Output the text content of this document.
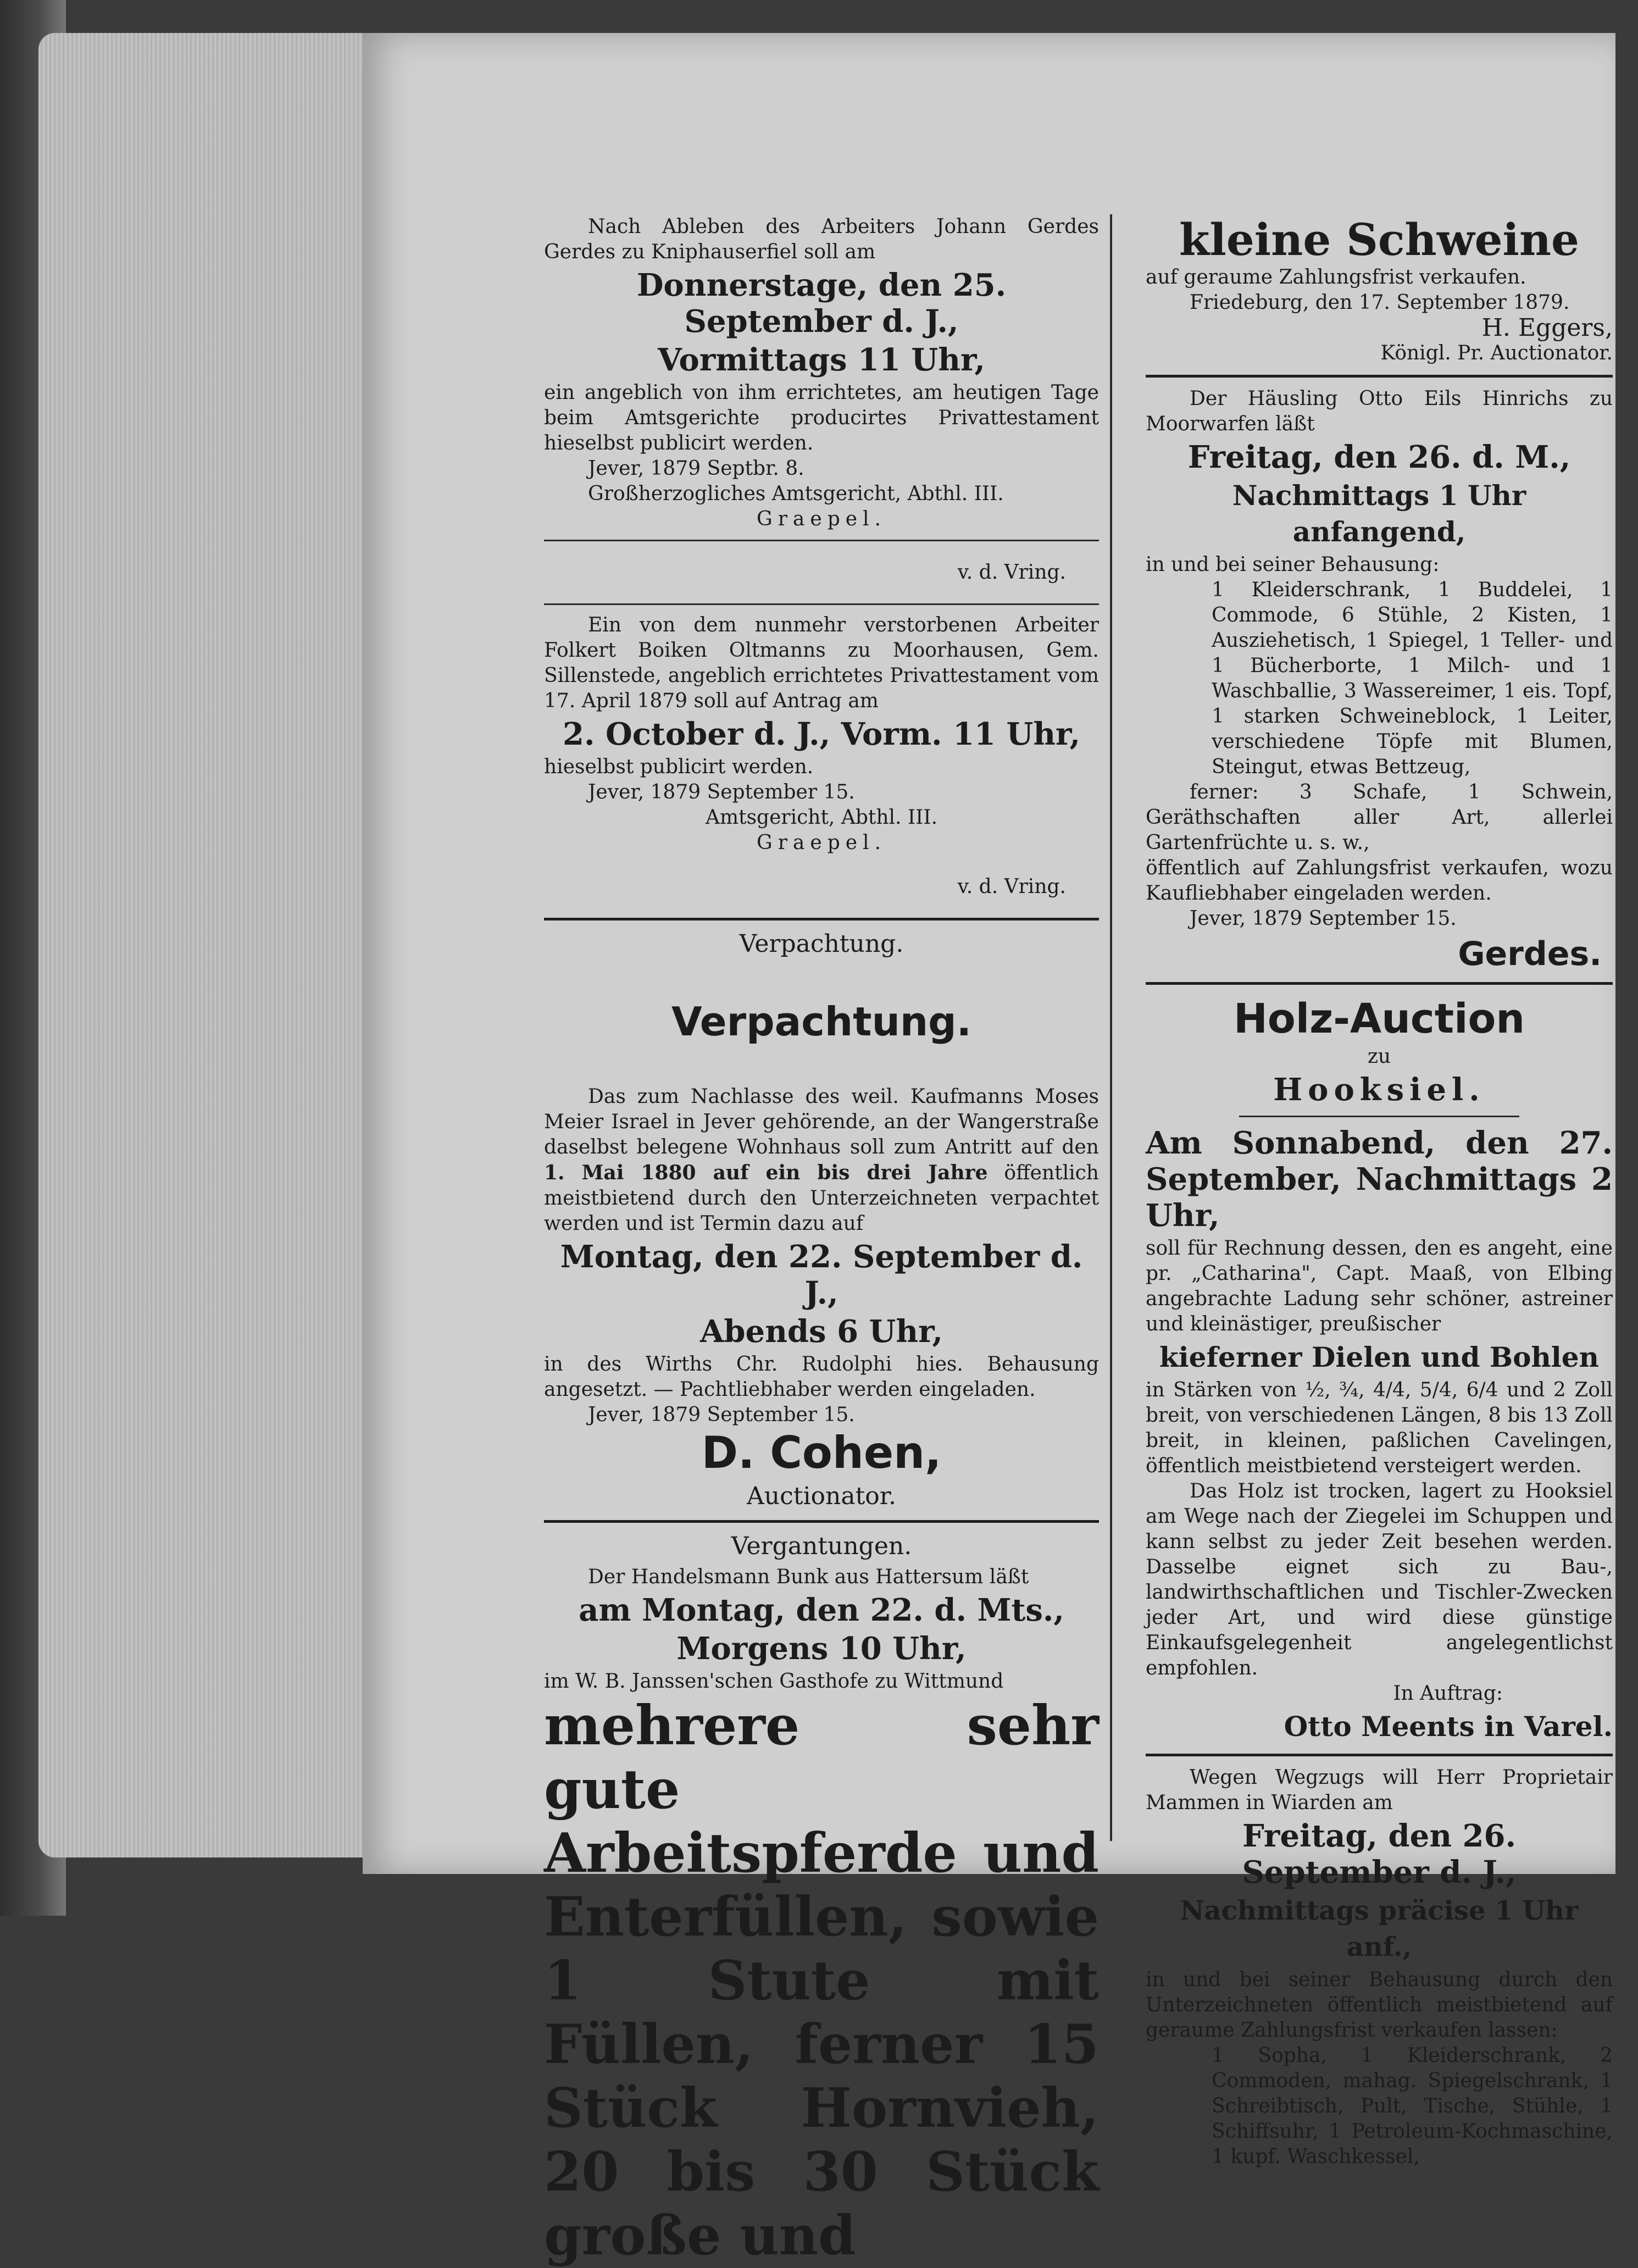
Nach Ableben des Arbeiters Johann Gerdes Gerdes zu Kniphauserfiel soll am

Donnerstage, den 25. September d. J.,

Vormittags 11 Uhr,

ein angeblich von ihm errichtetes, am heutigen Tage beim Amtsgerichte producirtes Privattestament hieselbst publicirt werden.

Jever, 1879 Septbr. 8.

Großherzogliches Amtsgericht, Abthl. III.

Graepel.

v. d. Vring.

Ein von dem nunmehr verstorbenen Arbeiter Folkert Boiken Oltmanns zu Moorhausen, Gem. Sillenstede, angeblich errichtetes Privattestament vom 17. April 1879 soll auf Antrag am

2. October d. J., Vorm. 11 Uhr,

hieselbst publicirt werden.

Jever, 1879 September 15.

Amtsgericht, Abthl. III.

Graepel.

v. d. Vring.

Verpachtung.

Verpachtung.

Das zum Nachlasse des weil. Kaufmanns Moses Meier Israel in Jever gehörende, an der Wangerstraße daselbst belegene Wohnhaus soll zum Antritt auf den 1. Mai 1880 auf ein bis drei Jahre öffentlich meistbietend durch den Unterzeichneten verpachtet werden und ist Termin dazu auf

Montag, den 22. September d. J.,

Abends 6 Uhr,

in des Wirths Chr. Rudolphi hies. Behausung angesetzt. — Pachtliebhaber werden eingeladen.

Jever, 1879 September 15.

D. Cohen,

Auctionator.

Vergantungen.

Der Handelsmann Bunk aus Hattersum läßt

am Montag, den 22. d. Mts.,

Morgens 10 Uhr,

im W. B. Janssen'schen Gasthofe zu Wittmund

mehrere sehr gute Arbeitspferde und Enterfüllen, sowie 1 Stute mit Füllen, ferner 15 Stück Hornvieh, 20 bis 30 Stück große und

kleine Schweine

auf geraume Zahlungsfrist verkaufen.

Friedeburg, den 17. September 1879.

H. Eggers,

Königl. Pr. Auctionator.

Der Häusling Otto Eils Hinrichs zu Moorwarfen läßt

Freitag, den 26. d. M.,

Nachmittags 1 Uhr anfangend,

in und bei seiner Behausung:

1 Kleiderschrank, 1 Buddelei, 1 Commode, 6 Stühle, 2 Kisten, 1 Ausziehetisch, 1 Spiegel, 1 Teller- und 1 Bücherborte, 1 Milch- und 1 Waschballie, 3 Wassereimer, 1 eis. Topf, 1 starken Schweineblock, 1 Leiter, verschiedene Töpfe mit Blumen, Steingut, etwas Bettzeug,

ferner: 3 Schafe, 1 Schwein, Geräthschaften aller Art, allerlei Gartenfrüchte u. s. w.,

öffentlich auf Zahlungsfrist verkaufen, wozu Kaufliebhaber eingeladen werden.

Jever, 1879 September 15.

Gerdes.

Holz-Auction

zu

Hooksiel.

Am Sonnabend, den 27. September, Nachmittags 2 Uhr,

soll für Rechnung dessen, den es angeht, eine pr. „Catharina", Capt. Maaß, von Elbing angebrachte Ladung sehr schöner, astreiner und kleinästiger, preußischer

kieferner Dielen und Bohlen

in Stärken von ½, ¾, 4/4, 5/4, 6/4 und 2 Zoll breit, von verschiedenen Längen, 8 bis 13 Zoll breit, in kleinen, paßlichen Cavelingen, öffentlich meistbietend versteigert werden.

Das Holz ist trocken, lagert zu Hooksiel am Wege nach der Ziegelei im Schuppen und kann selbst zu jeder Zeit besehen werden. Dasselbe eignet sich zu Bau-, landwirthschaftlichen und Tischler-Zwecken jeder Art, und wird diese günstige Einkaufsgelegenheit angelegentlichst empfohlen.

In Auftrag:

Otto Meents in Varel.

Wegen Wegzugs will Herr Proprietair Mammen in Wiarden am

Freitag, den 26. September d. J.,

Nachmittags präcise 1 Uhr anf.,

in und bei seiner Behausung durch den Unterzeichneten öffentlich meistbietend auf geraume Zahlungsfrist verkaufen lassen:

1 Sopha, 1 Kleiderschrank, 2 Commoden, mahag. Spiegelschrank, 1 Schreibtisch, Pult, Tische, Stühle, 1 Schiffsuhr, 1 Petroleum-Kochmaschine, 1 kupf. Waschkessel,
